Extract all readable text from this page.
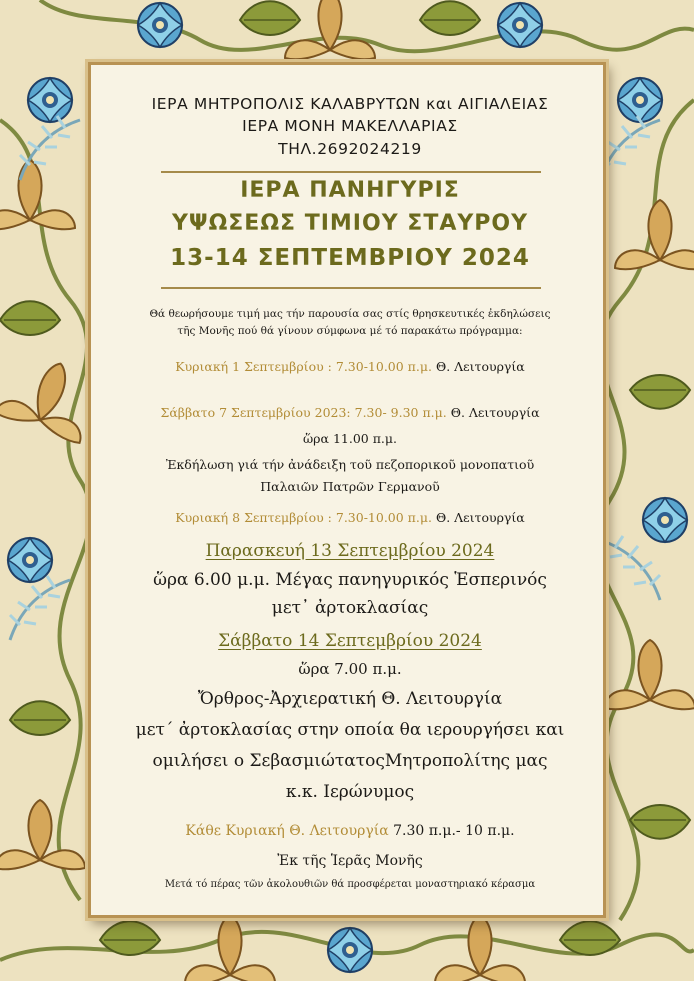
ΙΕΡΑ ΜΗΤΡΟΠΟΛΙΣ ΚΑΛΑΒΡΥΤΩΝ και ΑΙΓΙΑΛΕΙΑΣ
ΙΕΡΑ ΜΟΝΗ ΜΑΚΕΛΛΑΡΙΑΣ
ΤΗΛ.2692024219
ΙΕΡΑ ΠΑΝΗΓΥΡΙΣ
ΥΨΩΣΕΩΣ ΤΙΜΙΟΥ ΣΤΑΥΡΟΥ
13-14 ΣΕΠΤΕΜΒΡΙΟΥ 2024
Θά θεωρήσουμε τιμή μας τήν παρουσία σας στίς θρησκευτικές ἐκδηλώσεις
τῆς Μονῆς πού θά γίνουν σύμφωνα μέ τό παρακάτω πρόγραμμα:
Κυριακή 1 Σεπτεμβρίου : 7.30-10.00 π.μ. Θ. Λειτουργία
Σάββατο 7 Σεπτεμβρίου 2023: 7.30- 9.30 π.μ. Θ. Λειτουργία
ὥρα 11.00 π.μ.
Ἐκδήλωση γιά τήν ἀνάδειξη τοῦ πεζοπορικοῦ μονοπατιοῦ
Παλαιῶν Πατρῶν Γερμανοῦ
Κυριακή 8 Σεπτεμβρίου : 7.30-10.00 π.μ. Θ. Λειτουργία
Παρασκευή 13 Σεπτεμβρίου 2024
ὥρα 6.00 μ.μ. Μέγας πανηγυρικός Ἑσπερινός
μετ᾽ ἀρτοκλασίας
Σάββατο 14 Σεπτεμβρίου 2024
ὥρα 7.00 π.μ.
Ὄρθρος-Ἀρχιερατική Θ. Λειτουργία
μετ΄ ἀρτοκλασίας στην οποία θα ιερουργήσει και
ομιλήσει ο ΣεβασμιώτατοςΜητροπολίτης μας
κ.κ. Ιερώνυμος
Κάθε Κυριακή Θ. Λειτουργία 7.30 π.μ.- 10 π.μ.
Ἐκ τῆς Ἱερᾶς Μονῆς
Μετά τό πέρας τῶν ἀκολουθιῶν θά προσφέρεται μοναστηριακό κέρασμα
